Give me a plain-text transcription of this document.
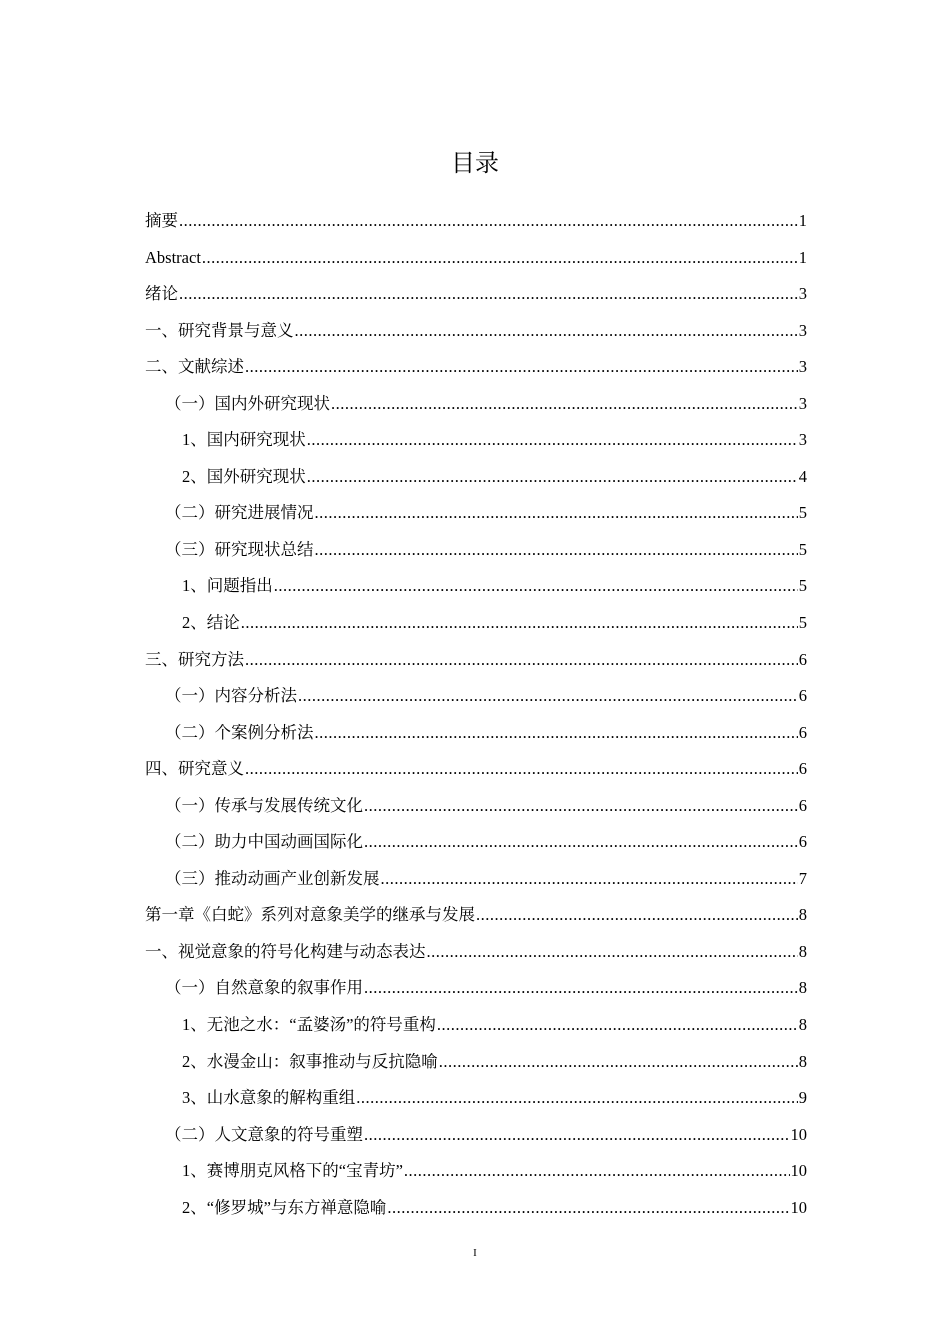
目录
摘要 .....	1
Abstract .....	1
绪论 .....	3
一、研究背景与意义 .....	3
二、文献综述 .....	3
（一）国内外研究现状 .....	3
1、国内研究现状 .....	3
2、国外研究现状 .....	4
（二）研究进展情况 .....	5
（三）研究现状总结 .....	5
1、问题指出 .....	5
2、结论 .....	5
三、研究方法 .....	6
（一）内容分析法 .....	6
（二）个案例分析法 .....	6
四、研究意义 .....	6
（一）传承与发展传统文化 .....	6
（二）助力中国动画国际化 .....	6
（三）推动动画产业创新发展 .....	7
第一章《白蛇》系列对意象美学的继承与发展 .....	8
一、视觉意象的符号化构建与动态表达 .....	8
（一）自然意象的叙事作用 .....	8
1、无池之水：“孟婆汤”的符号重构 .....	8
2、水漫金山：叙事推动与反抗隐喻 .....	8
3、山水意象的解构重组 .....	9
（二）人文意象的符号重塑 .....	10
1、赛博朋克风格下的“宝青坊” .....	10
2、“修罗城”与东方禅意隐喻 .....	10
I
